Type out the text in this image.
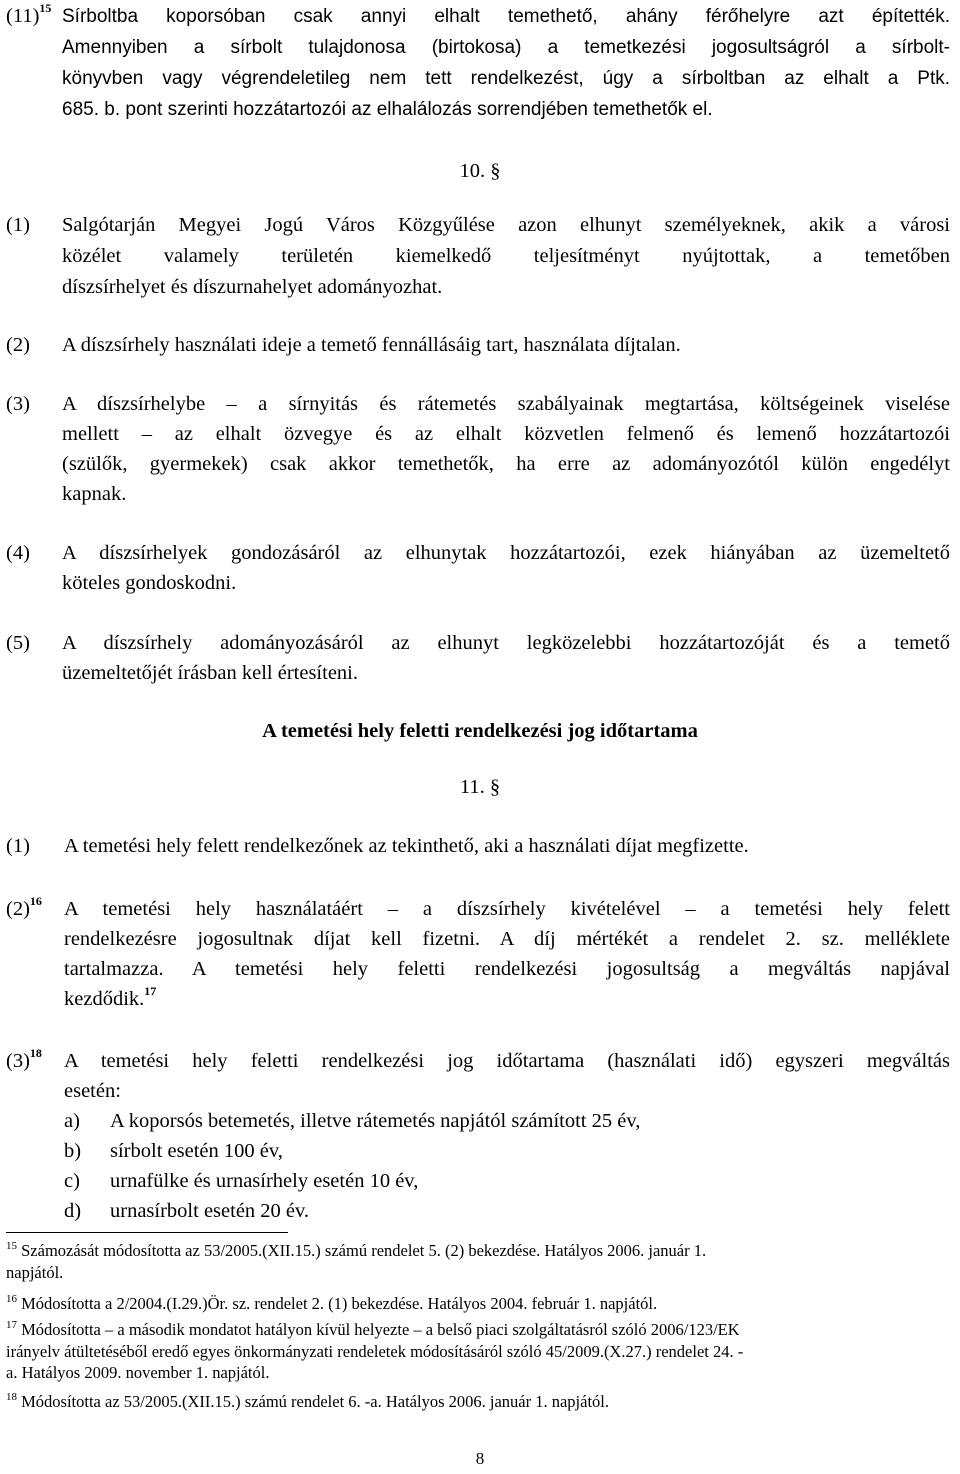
$(11)^{15}$ Sírboltba koporsóban csak annyi elhalt temethető, ahány férőhelyre azt építették.
Amennyiben a sírbolt tulajdonosa (birtokosa) a temetkezési jogosultságról a sírbolt-
könyvben vagy végrendeletileg nem tett rendelkezést, úgy a sírboltban az elhalt a Ptk.
685. b. pont szerinti hozzátartozói az elhalálozás sorrendjében temethetők el.
10. §
(1) Salgótarján Megyei Jogú Város Közgyűlése azon elhunyt személyeknek, akik a városi
közélet valamely területén kiemelkedő teljesítményt nyújtottak, a temetőben
díszsírhelyet és díszurnahelyet adományozhat.
(2) A díszsírhely használati ideje a temető fennállásáig tart, használata díjtalan.
(3) A díszsírhelybe – a sírnyitás és rátemetés szabályainak megtartása, költségeinek viselése
mellett – az elhalt özvegye és az elhalt közvetlen felmenő és lemenő hozzátartozói
(szülők, gyermekek) csak akkor temethetők, ha erre az adományozótól külön engedélyt
kapnak.
(4) A díszsírhelyek gondozásáról az elhunytak hozzátartozói, ezek hiányában az üzemeltető
köteles gondoskodni.
(5) A díszsírhely adományozásáról az elhunyt legközelebbi hozzátartozóját és a temető
üzemeltetőjét írásban kell értesíteni.
A temetési hely feletti rendelkezési jog időtartama
11. §
(1) A temetési hely felett rendelkezőnek az tekinthető, aki a használati díjat megfizette.
$(2)^{16}$ A temetési hely használatáért – a díszsírhely kivételével – a temetési hely felett
rendelkezésre jogosultnak díjat kell fizetni. A díj mértékét a rendelet 2. sz. melléklete
tartalmazza. A temetési hely feletti rendelkezési jogosultság a megváltás napjával
kezdődik.$^{17}$
$(3)^{18}$ A temetési hely feletti rendelkezési jog időtartama (használati idő) egyszeri megváltás
esetén:
a) A koporsós betemetés, illetve rátemetés napjától számított 25 év,
b) sírbolt esetén 100 év,
c) urnafülke és urnasírhely esetén 10 év,
d) urnasírbolt esetén 20 év.
$^{15}$ Számozását módosította az 53/2005.(XII.15.) számú rendelet 5. (2) bekezdése. Hatályos 2006. január 1.
napjától.
$^{16}$ Módosította a 2/2004.(I.29.)Ör. sz. rendelet 2. (1) bekezdése. Hatályos 2004. február 1. napjától.
$^{17}$ Módosította – a második mondatot hatályon kívül helyezte – a belső piaci szolgáltatásról szóló 2006/123/EK
irányelv átültetéséből eredő egyes önkormányzati rendeletek módosításáról szóló 45/2009.(X.27.) rendelet 24. -
a. Hatályos 2009. november 1. napjától.
$^{18}$ Módosította az 53/2005.(XII.15.) számú rendelet 6. -a. Hatályos 2006. január 1. napjától.
8
